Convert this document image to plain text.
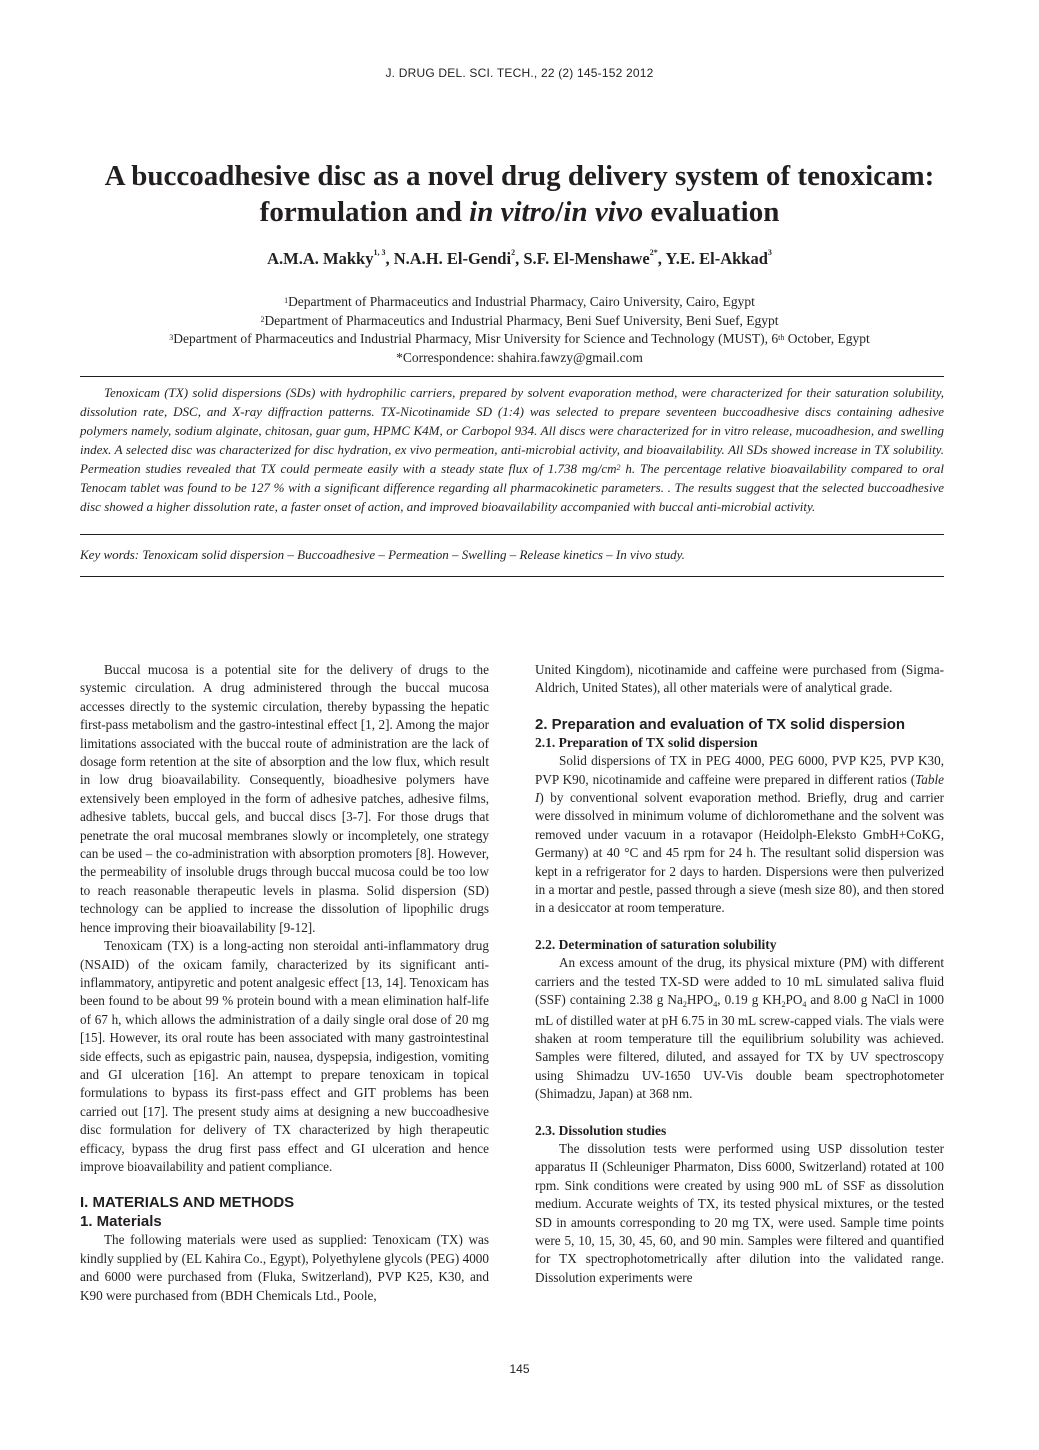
J. DRUG DEL. SCI. TECH., 22 (2) 145-152 2012
A buccoadhesive disc as a novel drug delivery system of tenoxicam:
formulation and in vitro/in vivo evaluation
A.M.A. Makky$^{1, 3}$, N.A.H. El-Gendi$^2$, S.F. El-Menshawe$^{2*}$, Y.E. El-Akkad$^3$
$^1$Department of Pharmaceutics and Industrial Pharmacy, Cairo University, Cairo, Egypt
$^2$Department of Pharmaceutics and Industrial Pharmacy, Beni Suef University, Beni Suef, Egypt
$^3$Department of Pharmaceutics and Industrial Pharmacy, Misr University for Science and Technology (MUST), 6th October, Egypt
*Correspondence: shahira.fawzy@gmail.com

Tenoxicam (TX) solid dispersions (SDs) with hydrophilic carriers, prepared by solvent evaporation method, were characterized for their saturation solubility, dissolution rate, DSC, and X-ray diffraction patterns. TX-Nicotinamide SD (1:4) was selected to prepare seventeen buccoadhesive discs containing adhesive polymers namely, sodium alginate, chitosan, guar gum, HPMC K4M, or Carbopol 934. All discs were characterized for in vitro release, mucoadhesion, and swelling index. A selected disc was characterized for disc hydration, ex vivo permeation, anti-microbial activity, and bioavailability. All SDs showed increase in TX solubility. Permeation studies revealed that TX could permeate easily with a steady state flux of 1.738 $mg/cm^2$ h. The percentage relative bioavailability compared to oral Tenocam tablet was found to be 127 % with a significant difference regarding all pharmacokinetic parameters. . The results suggest that the selected buccoadhesive disc showed a higher dissolution rate, a faster onset of action, and improved bioavailability accompanied with buccal anti-microbial activity.

Key words: Tenoxicam solid dispersion – Buccoadhesive – Permeation – Swelling – Release kinetics – In vivo study.

Buccal mucosa is a potential site for the delivery of drugs to the systemic circulation. A drug administered through the buccal mucosa accesses directly to the systemic circulation, thereby bypassing the hepatic first-pass metabolism and the gastro-intestinal effect [1, 2]. Among the major limitations associated with the buccal route of administration are the lack of dosage form retention at the site of absorption and the low flux, which result in low drug bioavailability. Consequently, bioadhesive polymers have extensively been employed in the form of adhesive patches, adhesive films, adhesive tablets, buccal gels, and buccal discs [3-7]. For those drugs that penetrate the oral mucosal membranes slowly or incompletely, one strategy can be used – the co-administration with absorption promoters [8]. However, the permeability of insoluble drugs through buccal mucosa could be too low to reach reasonable therapeutic levels in plasma. Solid dispersion (SD) technology can be applied to increase the dissolution of lipophilic drugs hence improving their bioavailability [9-12].

Tenoxicam (TX) is a long-acting non steroidal anti-inflammatory drug (NSAID) of the oxicam family, characterized by its significant anti-inflammatory, antipyretic and potent analgesic effect [13, 14]. Tenoxicam has been found to be about 99 % protein bound with a mean elimination half-life of 67 h, which allows the administration of a daily single oral dose of 20 mg [15]. However, its oral route has been associated with many gastrointestinal side effects, such as epigastric pain, nausea, dyspepsia, indigestion, vomiting and GI ulceration [16]. An attempt to prepare tenoxicam in topical formulations to bypass its first-pass effect and GIT problems has been carried out [17]. The present study aims at designing a new buccoadhesive disc formulation for delivery of TX characterized by high therapeutic efficacy, bypass the drug first pass effect and GI ulceration and hence improve bioavailability and patient compliance.

I. MATERIALS AND METHODS
1. Materials

The following materials were used as supplied: Tenoxicam (TX) was kindly supplied by (EL Kahira Co., Egypt), Polyethylene glycols (PEG) 4000 and 6000 were purchased from (Fluka, Switzerland), PVP K25, K30, and K90 were purchased from (BDH Chemicals Ltd., Poole,

United Kingdom), nicotinamide and caffeine were purchased from (Sigma-Aldrich, United States), all other materials were of analytical grade.

2. Preparation and evaluation of TX solid dispersion
2.1. Preparation of TX solid dispersion

Solid dispersions of TX in PEG 4000, PEG 6000, PVP K25, PVP K30, PVP K90, nicotinamide and caffeine were prepared in different ratios (Table I) by conventional solvent evaporation method. Briefly, drug and carrier were dissolved in minimum volume of dichloromethane and the solvent was removed under vacuum in a rotavapor (Heidolph-Eleksto GmbH+CoKG, Germany) at 40 °C and 45 rpm for 24 h. The resultant solid dispersion was kept in a refrigerator for 2 days to harden. Dispersions were then pulverized in a mortar and pestle, passed through a sieve (mesh size 80), and then stored in a desiccator at room temperature.

2.2. Determination of saturation solubility

An excess amount of the drug, its physical mixture (PM) with different carriers and the tested TX-SD were added to 10 mL simulated saliva fluid (SSF) containing 2.38 g $Na_2HPO_4$, 0.19 g $KH_2PO_4$ and 8.00 g NaCl in 1000 mL of distilled water at pH 6.75 in 30 mL screw-capped vials. The vials were shaken at room temperature till the equilibrium solubility was achieved. Samples were filtered, diluted, and assayed for TX by UV spectroscopy using Shimadzu UV-1650 UV-Vis double beam spectrophotometer (Shimadzu, Japan) at 368 nm.

2.3. Dissolution studies

The dissolution tests were performed using USP dissolution tester apparatus II (Schleuniger Pharmaton, Diss 6000, Switzerland) rotated at 100 rpm. Sink conditions were created by using 900 mL of SSF as dissolution medium. Accurate weights of TX, its tested physical mixtures, or the tested SD in amounts corresponding to 20 mg TX, were used. Sample time points were 5, 10, 15, 30, 45, 60, and 90 min. Samples were filtered and quantified for TX spectrophotometrically after dilution into the validated range. Dissolution experiments were

145
